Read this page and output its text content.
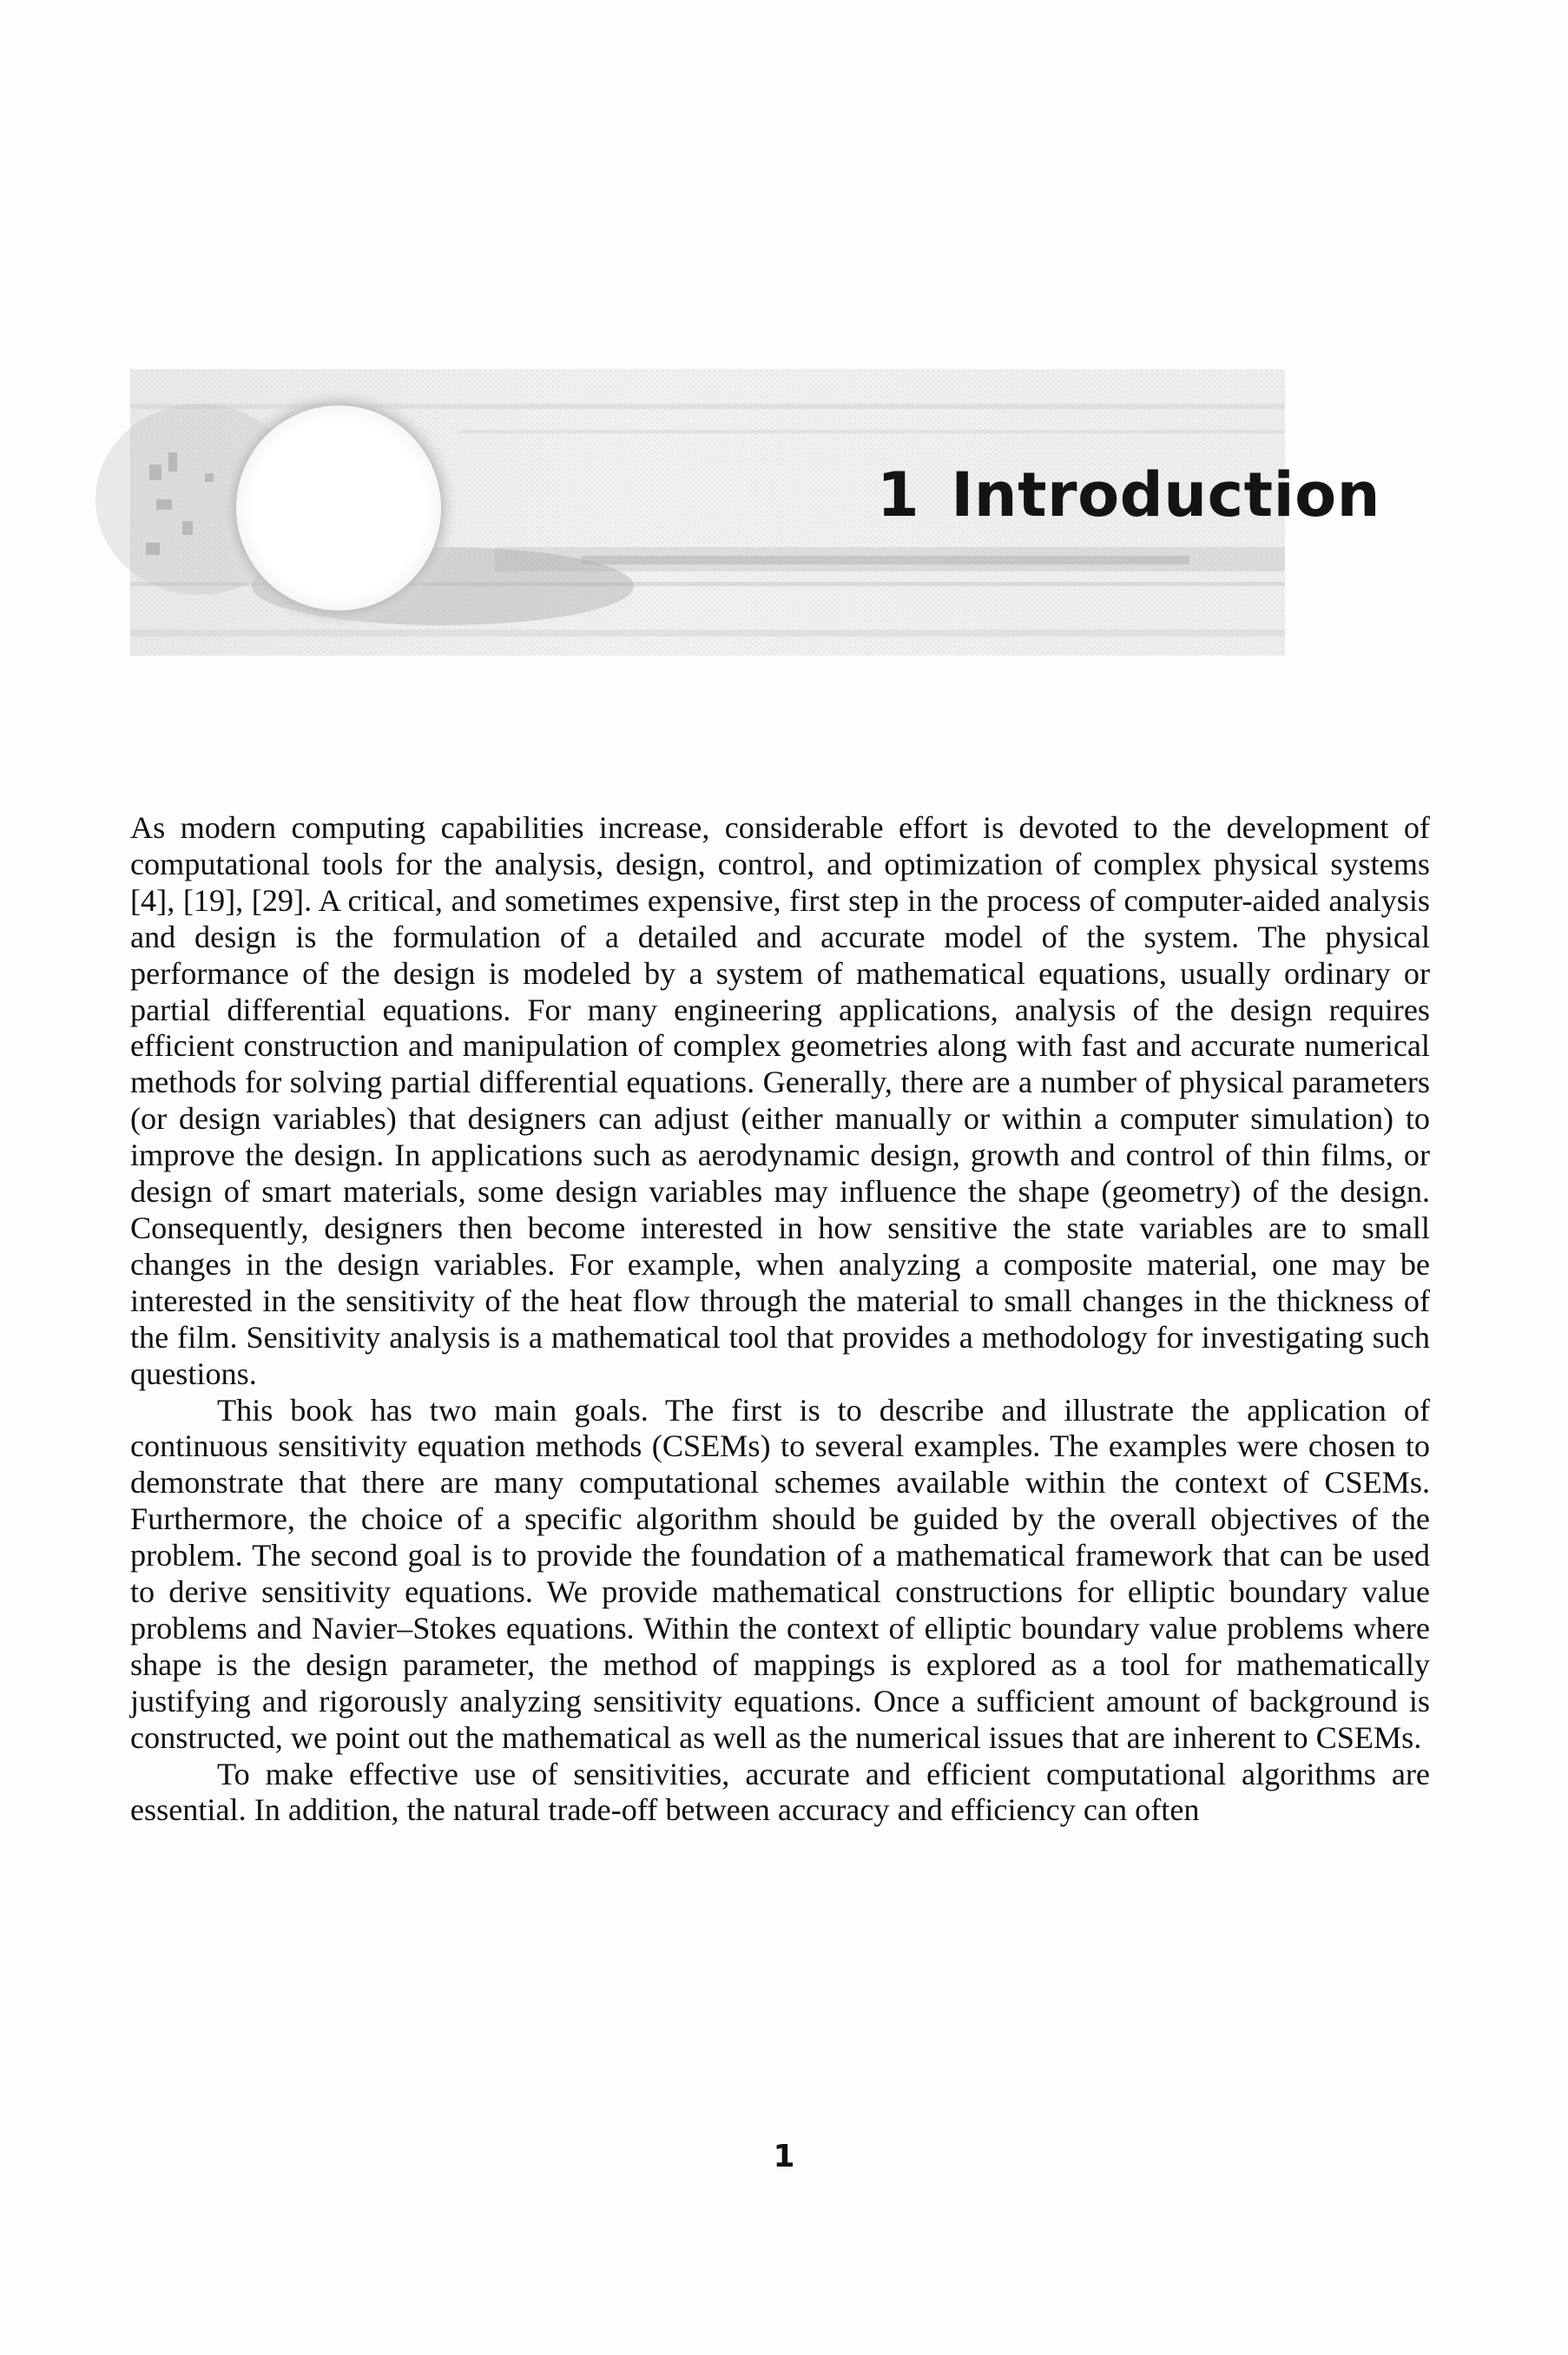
1 Introduction

As modern computing capabilities increase, considerable effort is devoted to the development of computational tools for the analysis, design, control, and optimization of complex physical systems [4], [19], [29]. A critical, and sometimes expensive, first step in the process of computer-aided analysis and design is the formulation of a detailed and accurate model of the system. The physical performance of the design is modeled by a system of mathematical equations, usually ordinary or partial differential equations. For many engineering applications, analysis of the design requires efficient construction and manipulation of complex geometries along with fast and accurate numerical methods for solving partial differential equations. Generally, there are a number of physical parameters (or design variables) that designers can adjust (either manually or within a computer simulation) to improve the design. In applications such as aerodynamic design, growth and control of thin films, or design of smart materials, some design variables may influence the shape (geometry) of the design. Consequently, designers then become interested in how sensitive the state variables are to small changes in the design variables. For example, when analyzing a composite material, one may be interested in the sensitivity of the heat flow through the material to small changes in the thickness of the film. Sensitivity analysis is a mathematical tool that provides a methodology for investigating such questions.

This book has two main goals. The first is to describe and illustrate the application of continuous sensitivity equation methods (CSEMs) to several examples. The examples were chosen to demonstrate that there are many computational schemes available within the context of CSEMs. Furthermore, the choice of a specific algorithm should be guided by the overall objectives of the problem. The second goal is to provide the foundation of a mathematical framework that can be used to derive sensitivity equations. We provide mathematical constructions for elliptic boundary value problems and Navier–Stokes equations. Within the context of elliptic boundary value problems where shape is the design parameter, the method of mappings is explored as a tool for mathematically justifying and rigorously analyzing sensitivity equations. Once a sufficient amount of background is constructed, we point out the mathematical as well as the numerical issues that are inherent to CSEMs.

To make effective use of sensitivities, accurate and efficient computational algorithms are essential. In addition, the natural trade-off between accuracy and efficiency can often

1
